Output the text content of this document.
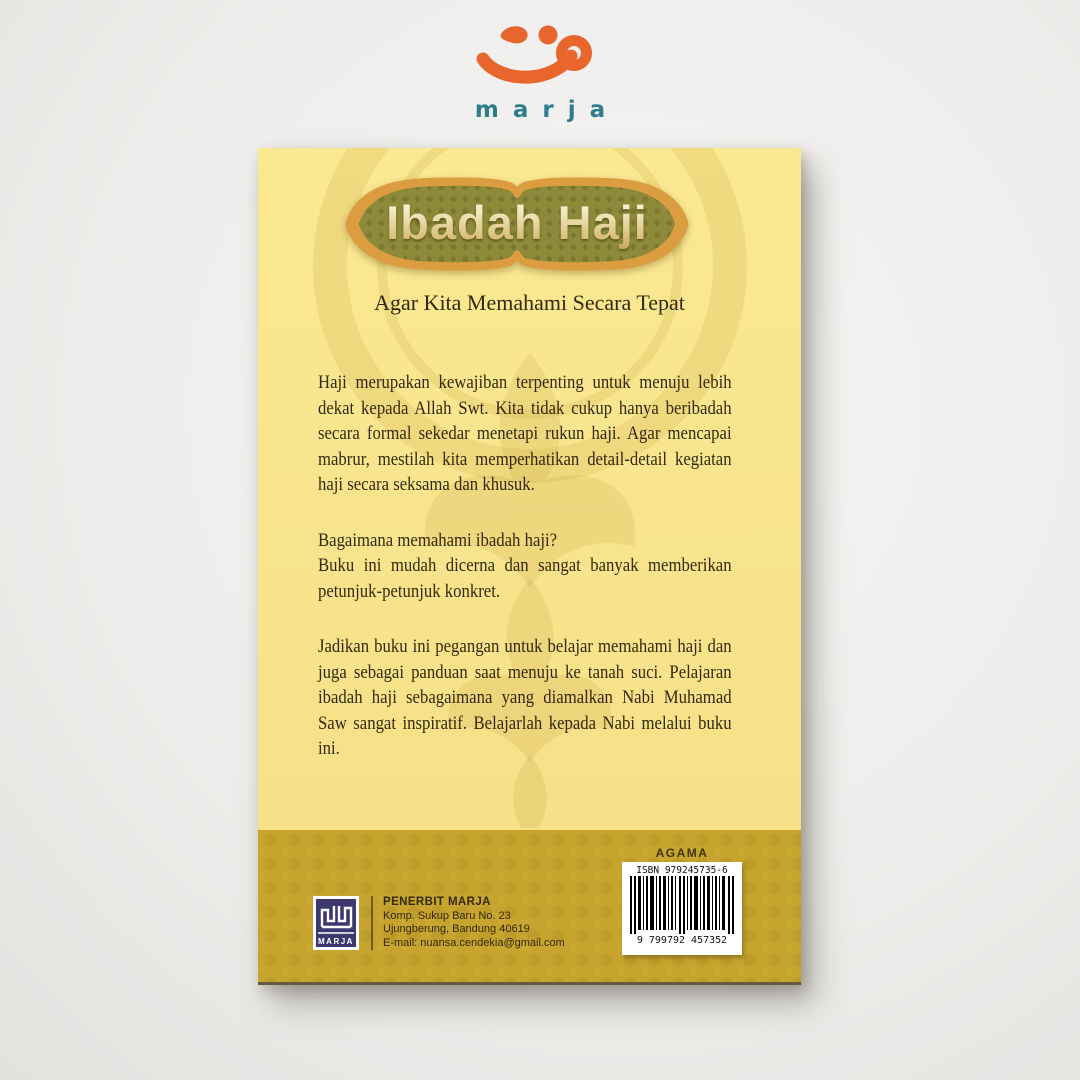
marja
Ibadah Haji
Agar Kita Memahami Secara Tepat

Haji merupakan kewajiban terpenting untuk menuju lebih dekat kepada Allah Swt. Kita tidak cukup hanya beribadah secara formal sekedar menetapi rukun haji. Agar mencapai mabrur, mestilah kita memperhatikan detail-detail kegiatan haji secara seksama dan khusuk.

Bagaimana memahami ibadah haji?

Buku ini mudah dicerna dan sangat banyak memberikan petunjuk-petunjuk konkret.

Jadikan buku ini pegangan untuk belajar memahami haji dan juga sebagai panduan saat menuju ke tanah suci. Pelajaran ibadah haji sebagaimana yang diamalkan Nabi Muhamad Saw sangat inspiratif. Belajarlah kepada Nabi melalui buku ini.

AGAMA
ISBN 979245735-6
9 799792 457352
MARJA
PENERBIT MARJA
Komp. Sukup Baru No. 23
Ujungberung, Bandung 40619
E-mail: nuansa.cendekia@gmail.com
